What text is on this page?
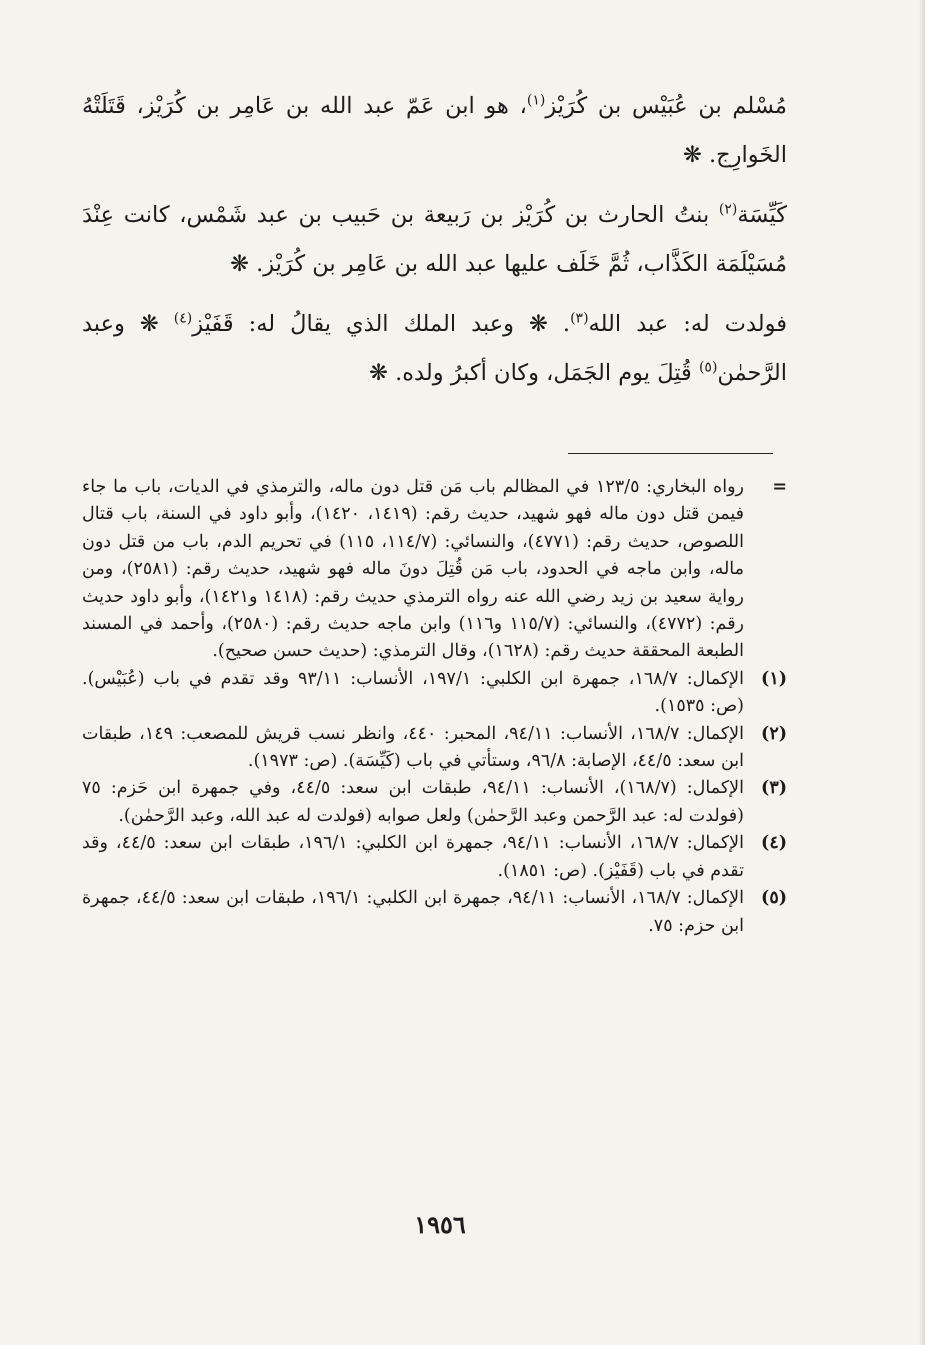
مُسْلم بن عُبَيْس بن كُرَيْز$^{(١)}$، هو ابن عَمّ عبد الله بن عَامِر بن كُرَيْز، قَتَلَتْهُ الخَوارِج. ❋

كَيِّسَة$^{(٢)}$ بنتُ الحارث بن كُرَيْز بن رَبيعة بن حَبيب بن عبد شَمْس، كانت عِنْدَ مُسَيْلَمَة الكَذَّاب، ثُمَّ خَلَف عليها عبد الله بن عَامِر بن كُرَيْز. ❋

فولدت له: عبد الله$^{(٣)}$. ❋ وعبد الملك الذي يقالُ له: قَفَيْز$^{(٤)}$ ❋ وعبد الرَّحمٰن$^{(٥)}$ قُتِلَ يوم الجَمَل، وكان أكبرُ ولده. ❋

=
رواه البخاري: ١٢٣/٥ في المظالم باب مَن قتل دون ماله، والترمذي في الديات، باب ما جاء فيمن قتل دون ماله فهو شهيد، حديث رقم: (١٤١٩، ١٤٢٠)، وأبو داود في السنة، باب قتال اللصوص، حديث رقم: (٤٧٧١)، والنسائي: (١١٤/٧، ١١٥) في تحريم الدم، باب من قتل دون ماله، وابن ماجه في الحدود، باب مَن قُتِلَ دونَ ماله فهو شهيد، حديث رقم: (٢٥٨١)، ومن رواية سعيد بن زيد رضي الله عنه رواه الترمذي حديث رقم: (١٤١٨ و١٤٢١)، وأبو داود حديث رقم: (٤٧٧٢)، والنسائي: (١١٥/٧ و١١٦) وابن ماجه حديث رقم: (٢٥٨٠)، وأحمد في المسند الطبعة المحققة حديث رقم: (١٦٢٨)، وقال الترمذي: (حديث حسن صحيح).

(١)
الإكمال: ١٦٨/٧، جمهرة ابن الكلبي: ١٩٧/١، الأنساب: ٩٣/١١ وقد تقدم في باب (عُبَيْس). (ص: ١٥٣٥).

(٢)
الإكمال: ١٦٨/٧، الأنساب: ٩٤/١١، المحبر: ٤٤٠، وانظر نسب قريش للمصعب: ١٤٩، طبقات ابن سعد: ٤٤/٥، الإصابة: ٩٦/٨، وستأتي في باب (كَيِّسَة). (ص: ١٩٧٣).

(٣)
الإكمال: (١٦٨/٧)، الأنساب: ٩٤/١١، طبقات ابن سعد: ٤٤/٥، وفي جمهرة ابن حَزم: ٧٥ (فولدت له: عبد الرَّحمن وعبد الرَّحمٰن) ولعل صوابه (فولدت له عبد الله، وعبد الرَّحمٰن).

(٤)
الإكمال: ١٦٨/٧، الأنساب: ٩٤/١١، جمهرة ابن الكلبي: ١٩٦/١، طبقات ابن سعد: ٤٤/٥، وقد تقدم في باب (قَفَيْز). (ص: ١٨٥١).

(٥)
الإكمال: ١٦٨/٧، الأنساب: ٩٤/١١، جمهرة ابن الكلبي: ١٩٦/١، طبقات ابن سعد: ٤٤/٥، جمهرة ابن حزم: ٧٥.

١٩٥٦
